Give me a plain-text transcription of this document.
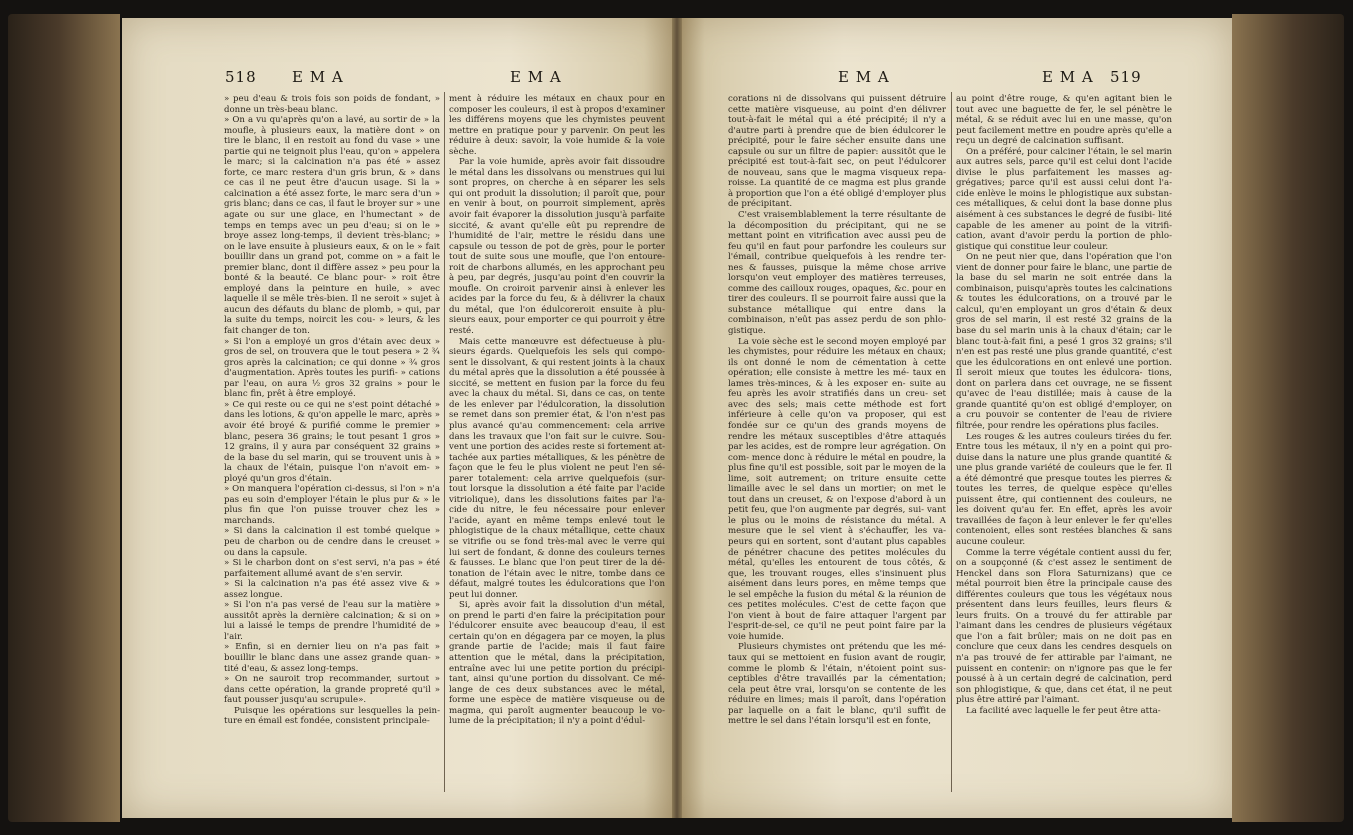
518 E M A	E M A	E M A	E M A 519

» peu d'eau & trois fois son poids de fondant, » donne un très-beau blanc.

» On a vu qu'après qu'on a lavé, au sortir de » la moufle, à plusieurs eaux, la matière dont » on tire le blanc, il en restoit au fond du vase » une partie qui ne teignoit plus l'eau, qu'on » appelera le marc; si la calcination n'a pas été » assez forte, ce marc restera d'un gris brun, & » dans ce cas il ne peut être d'aucun usage. Si la » calcination a été assez forte, le marc sera d'un » gris blanc; dans ce cas, il faut le broyer sur » une agate ou sur une glace, en l'humectant » de temps en temps avec un peu d'eau; si on le » broye assez long-temps, il devient très-blanc; » on le lave ensuite à plusieurs eaux, & on le » fait bouillir dans un grand pot, comme on » a fait le premier blanc, dont il diffère assez » peu pour la bonté & la beauté. Ce blanc pour- » roit être employé dans la peinture en huile, » avec laquelle il se mêle très-bien. Il ne seroit » sujet à aucun des défauts du blanc de plomb, » qui, par la suite du temps, noircit les cou- » leurs, & les fait changer de ton.

» Si l'on a employé un gros d'étain avec deux » gros de sel, on trouvera que le tout pesera » 2 ¾ gros après la calcination; ce qui donne » ¾ gros d'augmentation. Après toutes les purifi- » cations par l'eau, on aura ½ gros 32 grains » pour le blanc fin, prêt à être employé.

» Ce qui reste ou ce qui ne s'est point détaché » dans les lotions, & qu'on appelle le marc, après » avoir été broyé & purifié comme le premier » blanc, pesera 36 grains; le tout pesant 1 gros » 12 grains, il y aura par conséquent 32 grains » de la base du sel marin, qui se trouvent unis à » la chaux de l'étain, puisque l'on n'avoit em- » ployé qu'un gros d'étain.

» On manquera l'opération ci-dessus, si l'on » n'a pas eu soin d'employer l'étain le plus pur & » le plus fin que l'on puisse trouver chez les » marchands.

» Si dans la calcination il est tombé quelque » peu de charbon ou de cendre dans le creuset » ou dans la capsule.

» Si le charbon dont on s'est servi, n'a pas » été parfaitement allumé avant de s'en servir.

» Si la calcination n'a pas été assez vive & » assez longue.

» Si l'on n'a pas versé de l'eau sur la matière » aussitôt après la dernière calcination; & si on » lui a laissé le temps de prendre l'humidité de » l'air.

» Enfin, si en dernier lieu on n'a pas fait » bouillir le blanc dans une assez grande quan- » tité d'eau, & assez long-temps.

» On ne sauroit trop recommander, surtout » dans cette opération, la grande propreté qu'il » faut pousser jusqu'au scrupule».

Puisque les opérations sur lesquelles la pein- ture en émail est fondée, consistent principale-

ment à réduire les métaux en chaux pour en composer les couleurs, il est à propos d'examiner les différens moyens que les chymistes peuvent mettre en pratique pour y parvenir. On peut les réduire à deux: savoir, la voie humide & la voie sèche.

Par la voie humide, après avoir fait dissoudre le métal dans les dissolvans ou menstrues qui lui sont propres, on cherche à en séparer les sels qui ont produit la dissolution; il paroît que, pour en venir à bout, on pourroit simplement, après avoir fait évaporer la dissolution jusqu'à parfaite siccité, & avant qu'elle eût pu reprendre de l'humidité de l'air, mettre le résidu dans une capsule ou tesson de pot de grès, pour le porter tout de suite sous une moufle, que l'on entoure- roit de charbons allumés, en les approchant peu à peu, par degrés, jusqu'au point d'en couvrir la moufle. On croiroit parvenir ainsi à enlever les acides par la force du feu, & à délivrer la chaux du métal, que l'on édulcoreroit ensuite à plu- sieurs eaux, pour emporter ce qui pourroit y être resté.

Mais cette manœuvre est défectueuse à plu- sieurs égards. Quelquefois les sels qui compo- sent le dissolvant, & qui restent joints à la chaux du métal après que la dissolution a été poussée à siccité, se mettent en fusion par la force du feu avec la chaux du métal. Si, dans ce cas, on tente de les enlever par l'édulcoration, la dissolution se remet dans son premier état, & l'on n'est pas plus avancé qu'au commencement: cela arrive dans les travaux que l'on fait sur le cuivre. Sou- vent une portion des acides reste si fortement at- tachée aux parties métalliques, & les pénètre de façon que le feu le plus violent ne peut l'en sé- parer totalement: cela arrive quelquefois (sur- tout lorsque la dissolution a été faite par l'acide vitriolique), dans les dissolutions faites par l'a- cide du nitre, le feu nécessaire pour enlever l'acide, ayant en même temps enlevé tout le phlogistique de la chaux métallique, cette chaux se vitrifie ou se fond très-mal avec le verre qui lui sert de fondant, & donne des couleurs ternes & fausses. Le blanc que l'on peut tirer de la dé- tonation de l'étain avec le nitre, tombe dans ce défaut, malgré toutes les édulcorations que l'on peut lui donner.

Si, après avoir fait la dissolution d'un métal, on prend le parti d'en faire la précipitation pour l'édulcorer ensuite avec beaucoup d'eau, il est certain qu'on en dégagera par ce moyen, la plus grande partie de l'acide; mais il faut faire attention que le métal, dans la précipitation, entraîne avec lui une petite portion du précipi- tant, ainsi qu'une portion du dissolvant. Ce mé- lange de ces deux substances avec le métal, forme une espèce de matière visqueuse ou de magma, qui paroît augmenter beaucoup le vo- lume de la précipitation; il n'y a point d'édul-

corations ni de dissolvans qui puissent détruire cette matière visqueuse, au point d'en délivrer tout-à-fait le métal qui a été précipité; il n'y a d'autre parti à prendre que de bien édulcorer le précipité, pour le faire sécher ensuite dans une capsule ou sur un filtre de papier: aussitôt que le précipité est tout-à-fait sec, on peut l'édulcorer de nouveau, sans que le magma visqueux repa- roisse. La quantité de ce magma est plus grande à proportion que l'on a été obligé d'employer plus de précipitant.

C'est vraisemblablement la terre résultante de la décomposition du précipitant, qui ne se mettant point en vitrification avec aussi peu de feu qu'il en faut pour parfondre les couleurs sur l'émail, contribue quelquefois à les rendre ter- nes & fausses, puisque la même chose arrive lorsqu'on veut employer des matières terreuses, comme des cailloux rouges, opaques, &c. pour en tirer des couleurs. Il se pourroit faire aussi que la substance métallique qui entre dans la combinaison, n'eût pas assez perdu de son phlo- gistique.

La voie sèche est le second moyen employé par les chymistes, pour réduire les métaux en chaux; ils ont donné le nom de cémentation à cette opération; elle consiste à mettre les mé- taux en lames très-minces, & à les exposer en- suite au feu après les avoir stratifiés dans un creu- set avec des sels; mais cette méthode est fort inférieure à celle qu'on va proposer, qui est fondée sur ce qu'un des grands moyens de rendre les métaux susceptibles d'être attaqués par les acides, est de rompre leur agrégation. On com- mence donc à réduire le métal en poudre, la plus fine qu'il est possible, soit par le moyen de la lime, soit autrement; on triture ensuite cette limaille avec le sel dans un mortier; on met le tout dans un creuset, & on l'expose d'abord à un petit feu, que l'on augmente par degrés, sui- vant le plus ou le moins de résistance du métal. A mesure que le sel vient à s'échauffer, les va- peurs qui en sortent, sont d'autant plus capables de pénétrer chacune des petites molécules du métal, qu'elles les entourent de tous côtés, & que, les trouvant rouges, elles s'insinuent plus aisément dans leurs pores, en même temps que le sel empêche la fusion du métal & la réunion de ces petites molécules. C'est de cette façon que l'on vient à bout de faire attaquer l'argent par l'esprit-de-sel, ce qu'il ne peut point faire par la voie humide.

Plusieurs chymistes ont prétendu que les mé- taux qui se mettoient en fusion avant de rougir, comme le plomb & l'étain, n'étoient point sus- ceptibles d'être travaillés par la cémentation; cela peut être vrai, lorsqu'on se contente de les réduire en limes; mais il paroît, dans l'opération par laquelle on a fait le blanc, qu'il suffit de mettre le sel dans l'étain lorsqu'il est en fonte,

au point d'être rouge, & qu'en agitant bien le tout avec une baguette de fer, le sel pénètre le métal, & se réduit avec lui en une masse, qu'on peut facilement mettre en poudre après qu'elle a reçu un degré de calcination suffisant.

On a préféré, pour calciner l'étain, le sel marin aux autres sels, parce qu'il est celui dont l'acide divise le plus parfaitement les masses ag- grégatives; parce qu'il est aussi celui dont l'a- cide enlève le moins le phlogistique aux substan- ces métalliques, & celui dont la base donne plus aisément à ces substances le degré de fusibi- lité capable de les amener au point de la vitrifi- cation, avant d'avoir perdu la portion de phlo- gistique qui constitue leur couleur.

On ne peut nier que, dans l'opération que l'on vient de donner pour faire le blanc, une partie de la base du sel marin ne soit entrée dans la combinaison, puisqu'après toutes les calcinations & toutes les édulcorations, on a trouvé par le calcul, qu'en employant un gros d'étain & deux gros de sel marin, il est resté 32 grains de la base du sel marin unis à la chaux d'étain; car le blanc tout-à-fait fini, a pesé 1 gros 32 grains; s'il n'en est pas resté une plus grande quantité, c'est que les édulcorations en ont enlevé une portion. Il seroit mieux que toutes les édulcora- tions, dont on parlera dans cet ouvrage, ne se fissent qu'avec de l'eau distillée; mais à cause de la grande quantité qu'on est obligé d'employer, on a cru pouvoir se contenter de l'eau de riviere filtrée, pour rendre les opérations plus faciles.

Les rouges & les autres couleurs tirées du fer. Entre tous les métaux, il n'y en a point qui pro- duise dans la nature une plus grande quantité & une plus grande variété de couleurs que le fer. Il a été démontré que presque toutes les pierres & toutes les terres, de quelque espèce qu'elles puissent être, qui contiennent des couleurs, ne les doivent qu'au fer. En effet, après les avoir travaillées de façon à leur enlever le fer qu'elles contenoient, elles sont restées blanches & sans aucune couleur.

Comme la terre végétale contient aussi du fer, on a soupçonné (& c'est assez le sentiment de Henckel dans son Flora Saturnizans) que ce métal pourroit bien être la principale cause des différentes couleurs que tous les végétaux nous présentent dans leurs feuilles, leurs fleurs & leurs fruits. On a trouvé du fer attirable par l'aimant dans les cendres de plusieurs végétaux que l'on a fait brûler; mais on ne doit pas en conclure que ceux dans les cendres desquels on n'a pas trouvé de fer attirable par l'aimant, ne puissent en contenir: on n'ignore pas que le fer poussé à à un certain degré de calcination, perd son phlogistique, & que, dans cet état, il ne peut plus être attiré par l'aimant.

La facilité avec laquelle le fer peut être atta-
